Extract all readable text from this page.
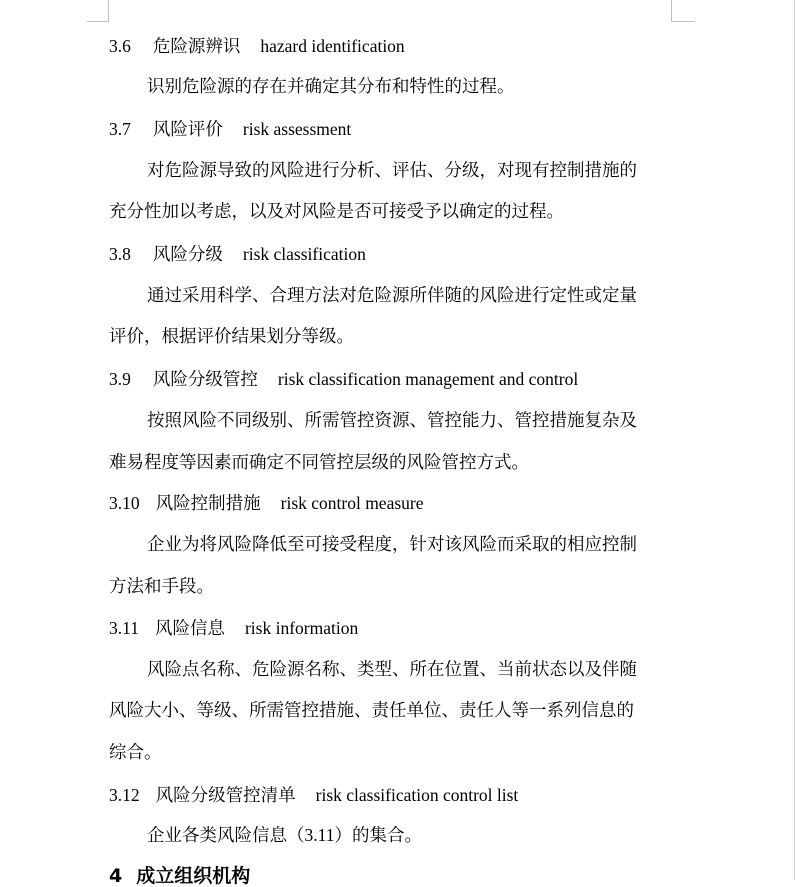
3.6 危险源辨识 hazard identification
识别危险源的存在并确定其分布和特性的过程。
3.7 风险评价 risk assessment
对危险源导致的风险进行分析、评估、分级，对现有控制措施的
充分性加以考虑，以及对风险是否可接受予以确定的过程。
3.8 风险分级 risk classification
通过采用科学、合理方法对危险源所伴随的风险进行定性或定量
评价，根据评价结果划分等级。
3.9 风险分级管控 risk classification management and control
按照风险不同级别、所需管控资源、管控能力、管控措施复杂及
难易程度等因素而确定不同管控层级的风险管控方式。
3.10 风险控制措施 risk control measure
企业为将风险降低至可接受程度，针对该风险而采取的相应控制
方法和手段。
3.11 风险信息 risk information
风险点名称、危险源名称、类型、所在位置、当前状态以及伴随
风险大小、等级、所需管控措施、责任单位、责任人等一系列信息的
综合。
3.12 风险分级管控清单 risk classification control list
企业各类风险信息（3.11）的集合。
4 成立组织机构
